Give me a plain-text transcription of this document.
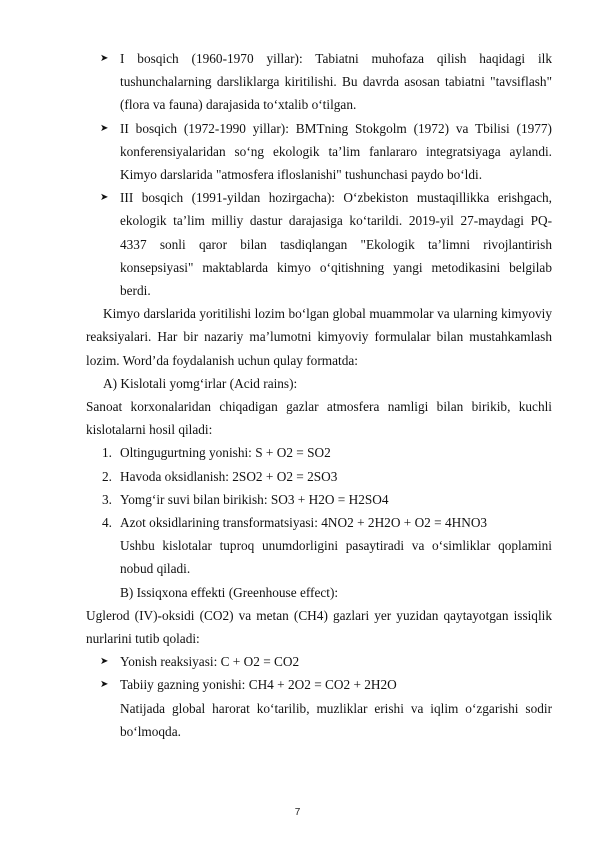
➤ I bosqich (1960-1970 yillar): Tabiatni muhofaza qilish haqidagi ilk tushunchalarning darsliklarga kiritilishi. Bu davrda asosan tabiatni "tavsiflash" (flora va fauna) darajasida to‘xtalib o‘tilgan.

➤ II bosqich (1972-1990 yillar): BMTning Stokgolm (1972) va Tbilisi (1977) konferensiyalaridan so‘ng ekologik ta’lim fanlararo integratsiyaga aylandi. Kimyo darslarida "atmosfera ifloslanishi" tushunchasi paydo bo‘ldi.

➤ III bosqich (1991-yildan hozirgacha): O‘zbekiston mustaqillikka erishgach, ekologik ta’lim milliy dastur darajasiga ko‘tarildi. 2019-yil 27-maydagi PQ-4337 sonli qaror bilan tasdiqlangan "Ekologik ta’limni rivojlantirish konsepsiyasi" maktablarda kimyo o‘qitishning yangi metodikasini belgilab berdi.

Kimyo darslarida yoritilishi lozim bo‘lgan global muammolar va ularning kimyoviy reaksiyalari. Har bir nazariy ma’lumotni kimyoviy formulalar bilan mustahkamlash lozim. Word’da foydalanish uchun qulay formatda:

A) Kislotali yomg‘irlar (Acid rains):

Sanoat korxonalaridan chiqadigan gazlar atmosfera namligi bilan birikib, kuchli kislotalarni hosil qiladi:

1. Oltingugurtning yonishi: S + O2 = SO2

2. Havoda oksidlanish: 2SO2 + O2 = 2SO3

3. Yomg‘ir suvi bilan birikish: SO3 + H2O = H2SO4

4. Azot oksidlarining transformatsiyasi: 4NO2 + 2H2O + O2 = 4HNO3

Ushbu kislotalar tuproq unumdorligini pasaytiradi va o‘simliklar qoplamini nobud qiladi.

B) Issiqxona effekti (Greenhouse effect):

Uglerod (IV)-oksidi (CO2) va metan (CH4) gazlari yer yuzidan qaytayotgan issiqlik nurlarini tutib qoladi:

➤ Yonish reaksiyasi: C + O2 = CO2

➤ Tabiiy gazning yonishi: CH4 + 2O2 = CO2 + 2H2O

Natijada global harorat ko‘tarilib, muzliklar erishi va iqlim o‘zgarishi sodir bo‘lmoqda.

7
